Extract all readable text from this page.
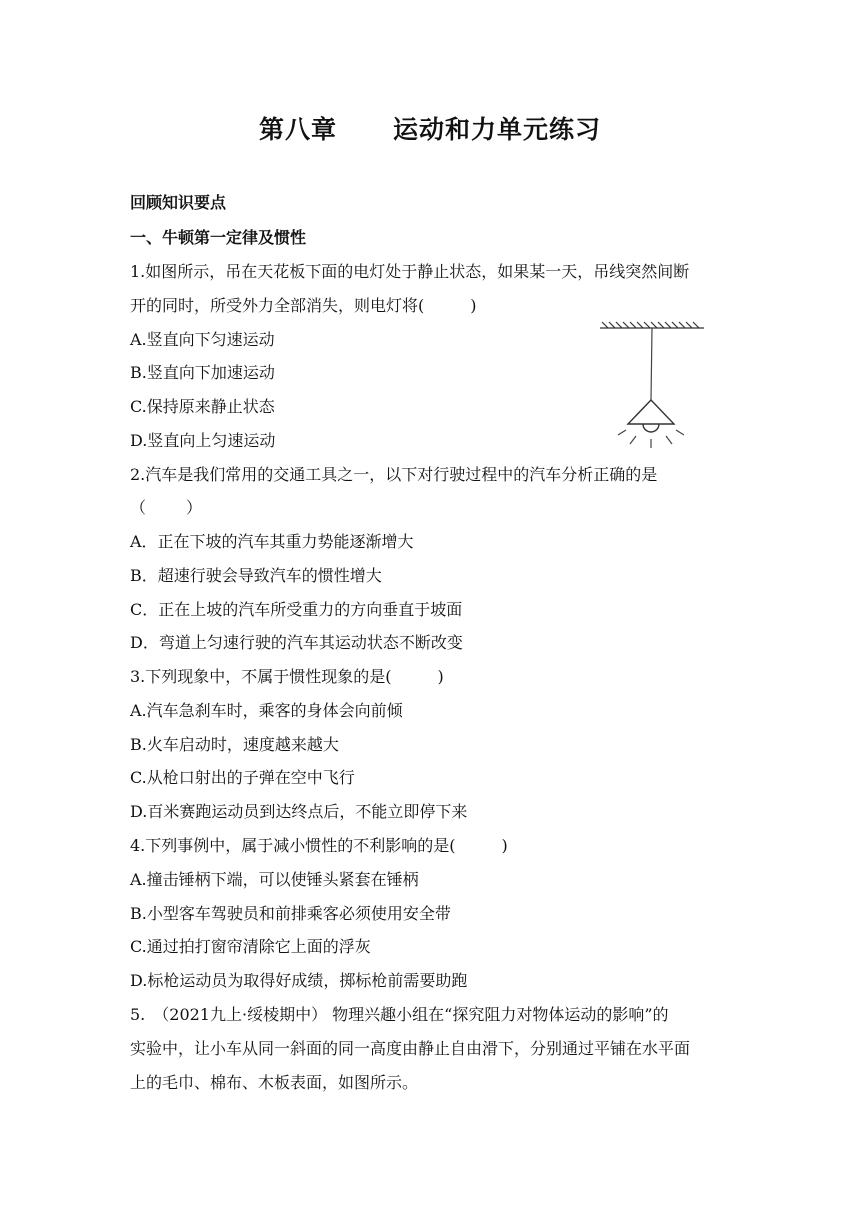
第八章 运动和力单元练习
回顾知识要点
一、牛顿第一定律及惯性
1.如图所示，吊在天花板下面的电灯处于静止状态，如果某一天，吊线突然间断
开的同时，所受外力全部消失，则电灯将(	)
A.竖直向下匀速运动
B.竖直向下加速运动
C.保持原来静止状态
D.竖直向上匀速运动
2.汽车是我们常用的交通工具之一，以下对行驶过程中的汽车分析正确的是
（	）
A．正在下坡的汽车其重力势能逐渐增大
B．超速行驶会导致汽车的惯性增大
C．正在上坡的汽车所受重力的方向垂直于坡面
D．弯道上匀速行驶的汽车其运动状态不断改变
3.下列现象中，不属于惯性现象的是(	)
A.汽车急刹车时，乘客的身体会向前倾
B.火车启动时，速度越来越大
C.从枪口射出的子弹在空中飞行
D.百米赛跑运动员到达终点后，不能立即停下来
4.下列事例中，属于减小惯性的不利影响的是(	)
A.撞击锤柄下端，可以使锤头紧套在锤柄
B.小型客车驾驶员和前排乘客必须使用安全带
C.通过拍打窗帘清除它上面的浮灰
D.标枪运动员为取得好成绩，掷标枪前需要助跑
5.　（2021九上·绥棱期中） 物理兴趣小组在“探究阻力对物体运动的影响”的
实验中，让小车从同一斜面的同一高度由静止自由滑下，分别通过平铺在水平面
上的毛巾、棉布、木板表面，如图所示。
